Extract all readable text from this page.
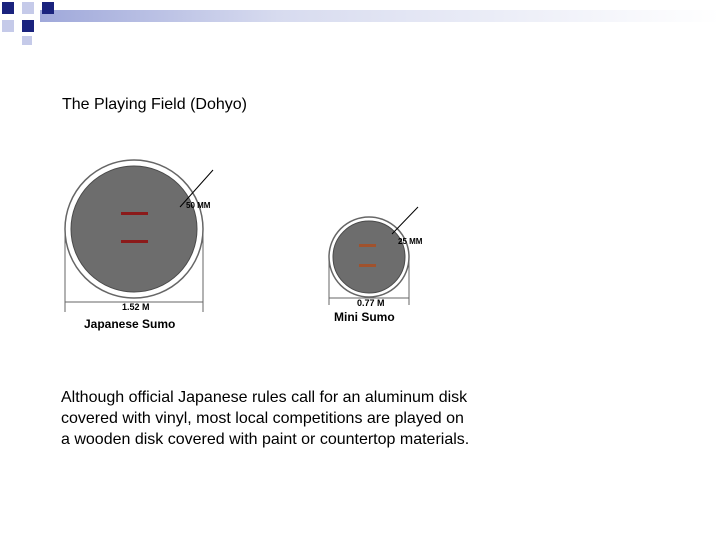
The Playing Field (Dohyo)
50 MM
1.52 M
Japanese Sumo
25 MM
0.77 M
Mini Sumo
Although official Japanese rules call for an aluminum disk
covered with vinyl, most local competitions are played on
a wooden disk covered with paint or countertop materials.
